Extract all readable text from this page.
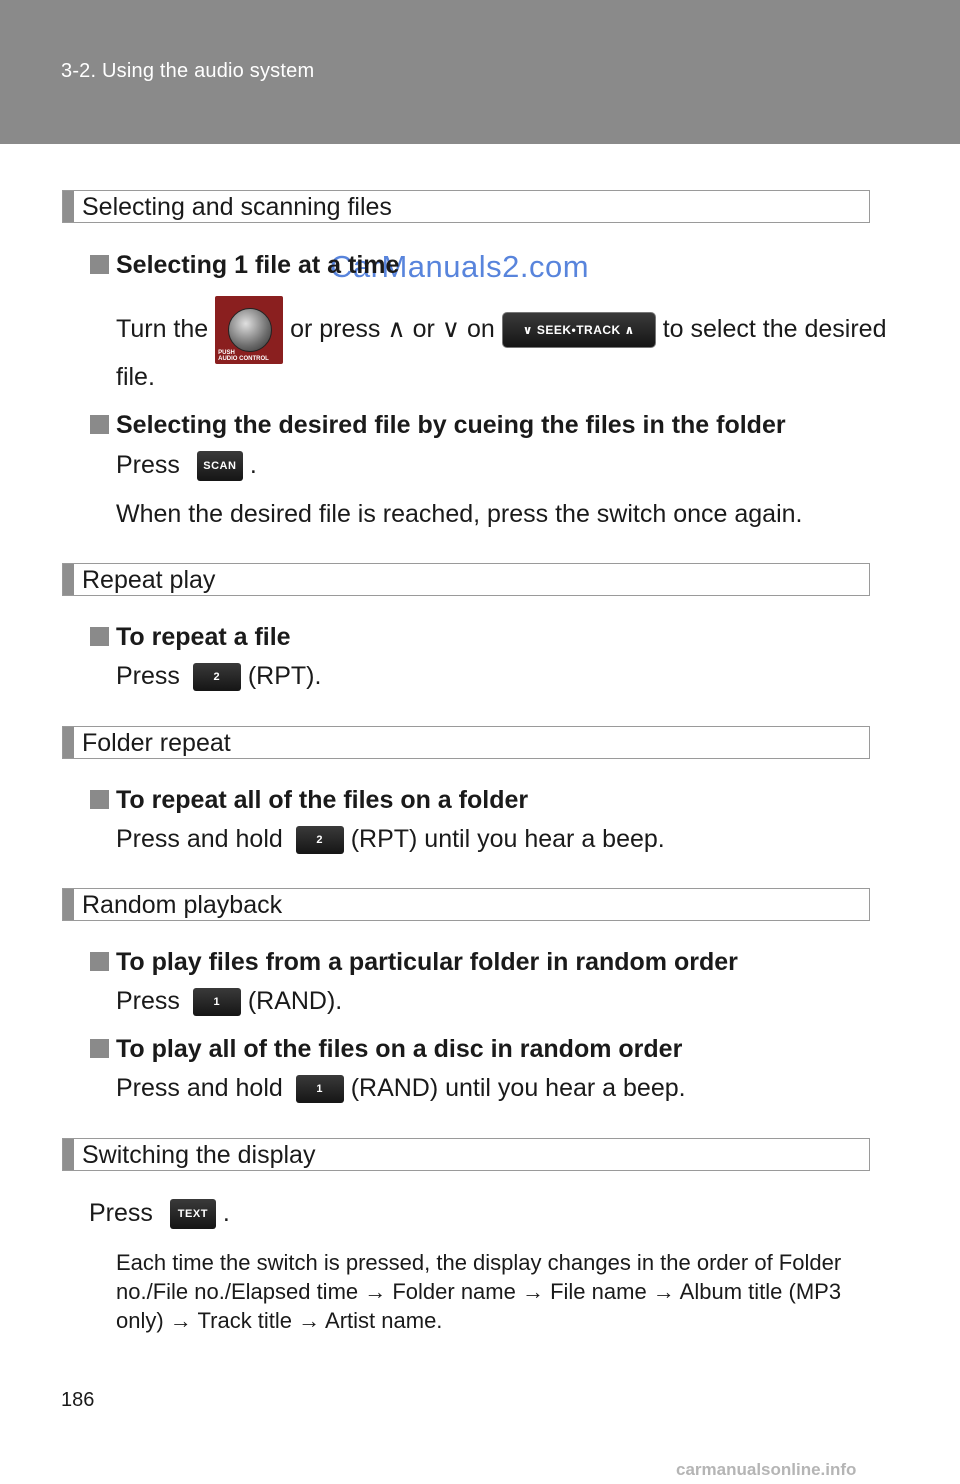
3-2. Using the audio system
CarManuals2.com
Selecting and scanning files
Selecting 1 file at a time
Turn the
PUSH
AUDIO CONTROL
or press ∧ or ∨ on ∨ SEEK•TRACK ∧ to select the desired
file.
Selecting the desired file by cueing the files in the folder
Press SCAN .
When the desired file is reached, press the switch once again.
Repeat play
To repeat a file
Press	2 (RPT).
Folder repeat
To repeat all of the files on a folder
Press and hold	2 (RPT) until you hear a beep.
Random playback
To play files from a particular folder in random order
Press	1 (RAND).
To play all of the files on a disc in random order
Press and hold	1 (RAND) until you hear a beep.
Switching the display
Press TEXT .
Each time the switch is pressed, the display changes in the order of Folder no./File no./Elapsed time → Folder name → File name → Album title (MP3 only) → Track title → Artist name.
186
carmanualsonline.info
